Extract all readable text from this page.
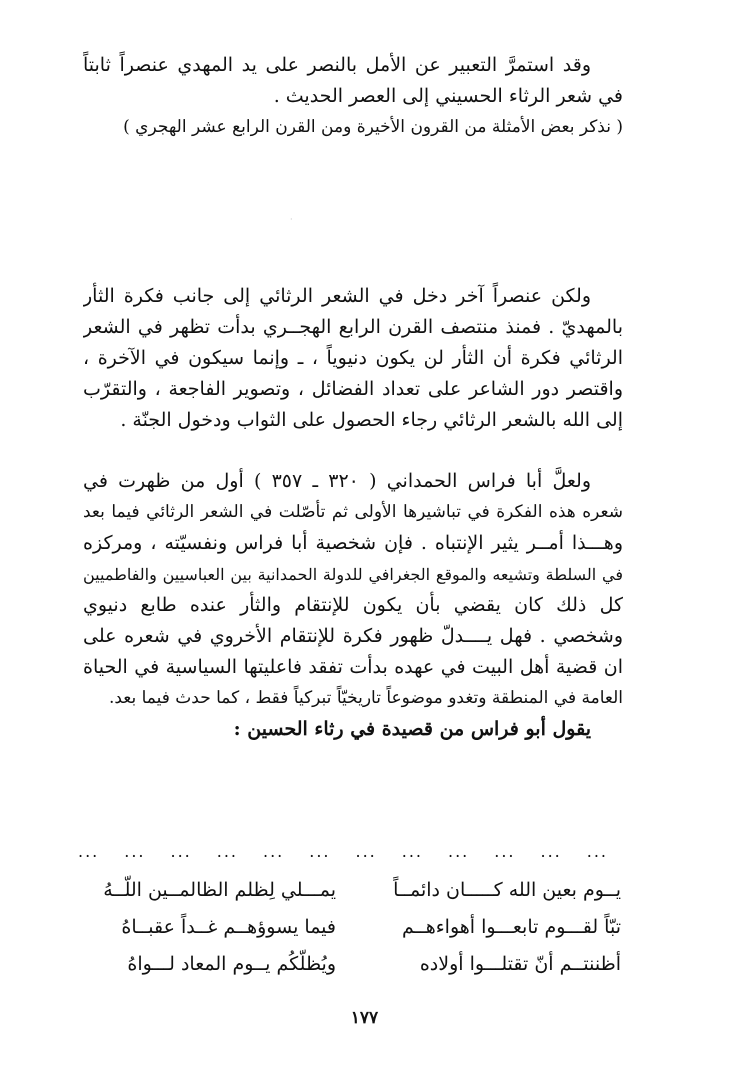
وقد استمرَّ التعبير عن الأمل بالنصر على يد المهدي عنصراً ثابتاً
في شعر الرثاء الحسيني إلى العصر الحديث .
( نذكر بعض الأمثلة من القرون الأخيرة ومن القرن الرابع عشر الهجري )
·
ولكن عنصراً آخر دخل في الشعر الرثائي إلى جانب فكرة الثأر
بالمهديّ . فمنذ منتصف القرن الرابع الهجــري بدأت تظهر في الشعر
الرثائي فكرة أن الثأر لن يكون دنيوياً ، ـ وإنما سيكون في الآخرة ،
واقتصر دور الشاعر على تعداد الفضائل ، وتصوير الفاجعة ، والتقرّب
إلى الله بالشعر الرثائي رجاء الحصول على الثواب ودخول الجنّة .
ولعلَّ أبا فراس الحمداني ( ٣٢٠ ـ ٣٥٧ ) أول من ظهرت في
شعره هذه الفكرة في تباشيرها الأولى ثم تأصّلت في الشعر الرثائي فيما بعد
وهـــذا أمــر يثير الإنتباه . فإن شخصية أبا فراس ونفسيّته ، ومركزه
في السلطة وتشيعه والموقع الجغرافي للدولة الحمدانية بين العباسيين والفاطميين
كل ذلك كان يقضي بأن يكون للإنتقام والثأر عنده طابع دنيوي
وشخصي . فهل يــــدلّ ظهور فكرة للإنتقام الأخروي في شعره على
ان قضية أهل البيت في عهده بدأت تفقد فاعليتها السياسية في الحياة
العامة في المنطقة وتغدو موضوعاً تاريخيّاً تبركياً فقط ، كما حدث فيما بعد.
يقول أبو فراس من قصيدة في رثاء الحسين :
... ... ... ... ... ... ... ... ... ... ... ...
يــوم بعين الله كـــــان دائمــاً
يمـــلي لِظلم الظالمــين اللّــهُ
تبّاً لقـــوم تابعـــوا أهواءهــم
فيما يسوؤهــم غــداً عقبــاهُ
أظننتــم أنّ تقتلـــوا أولاده
ويُظلّكُم يــوم المعاد لـــواهُ
١٧٧
